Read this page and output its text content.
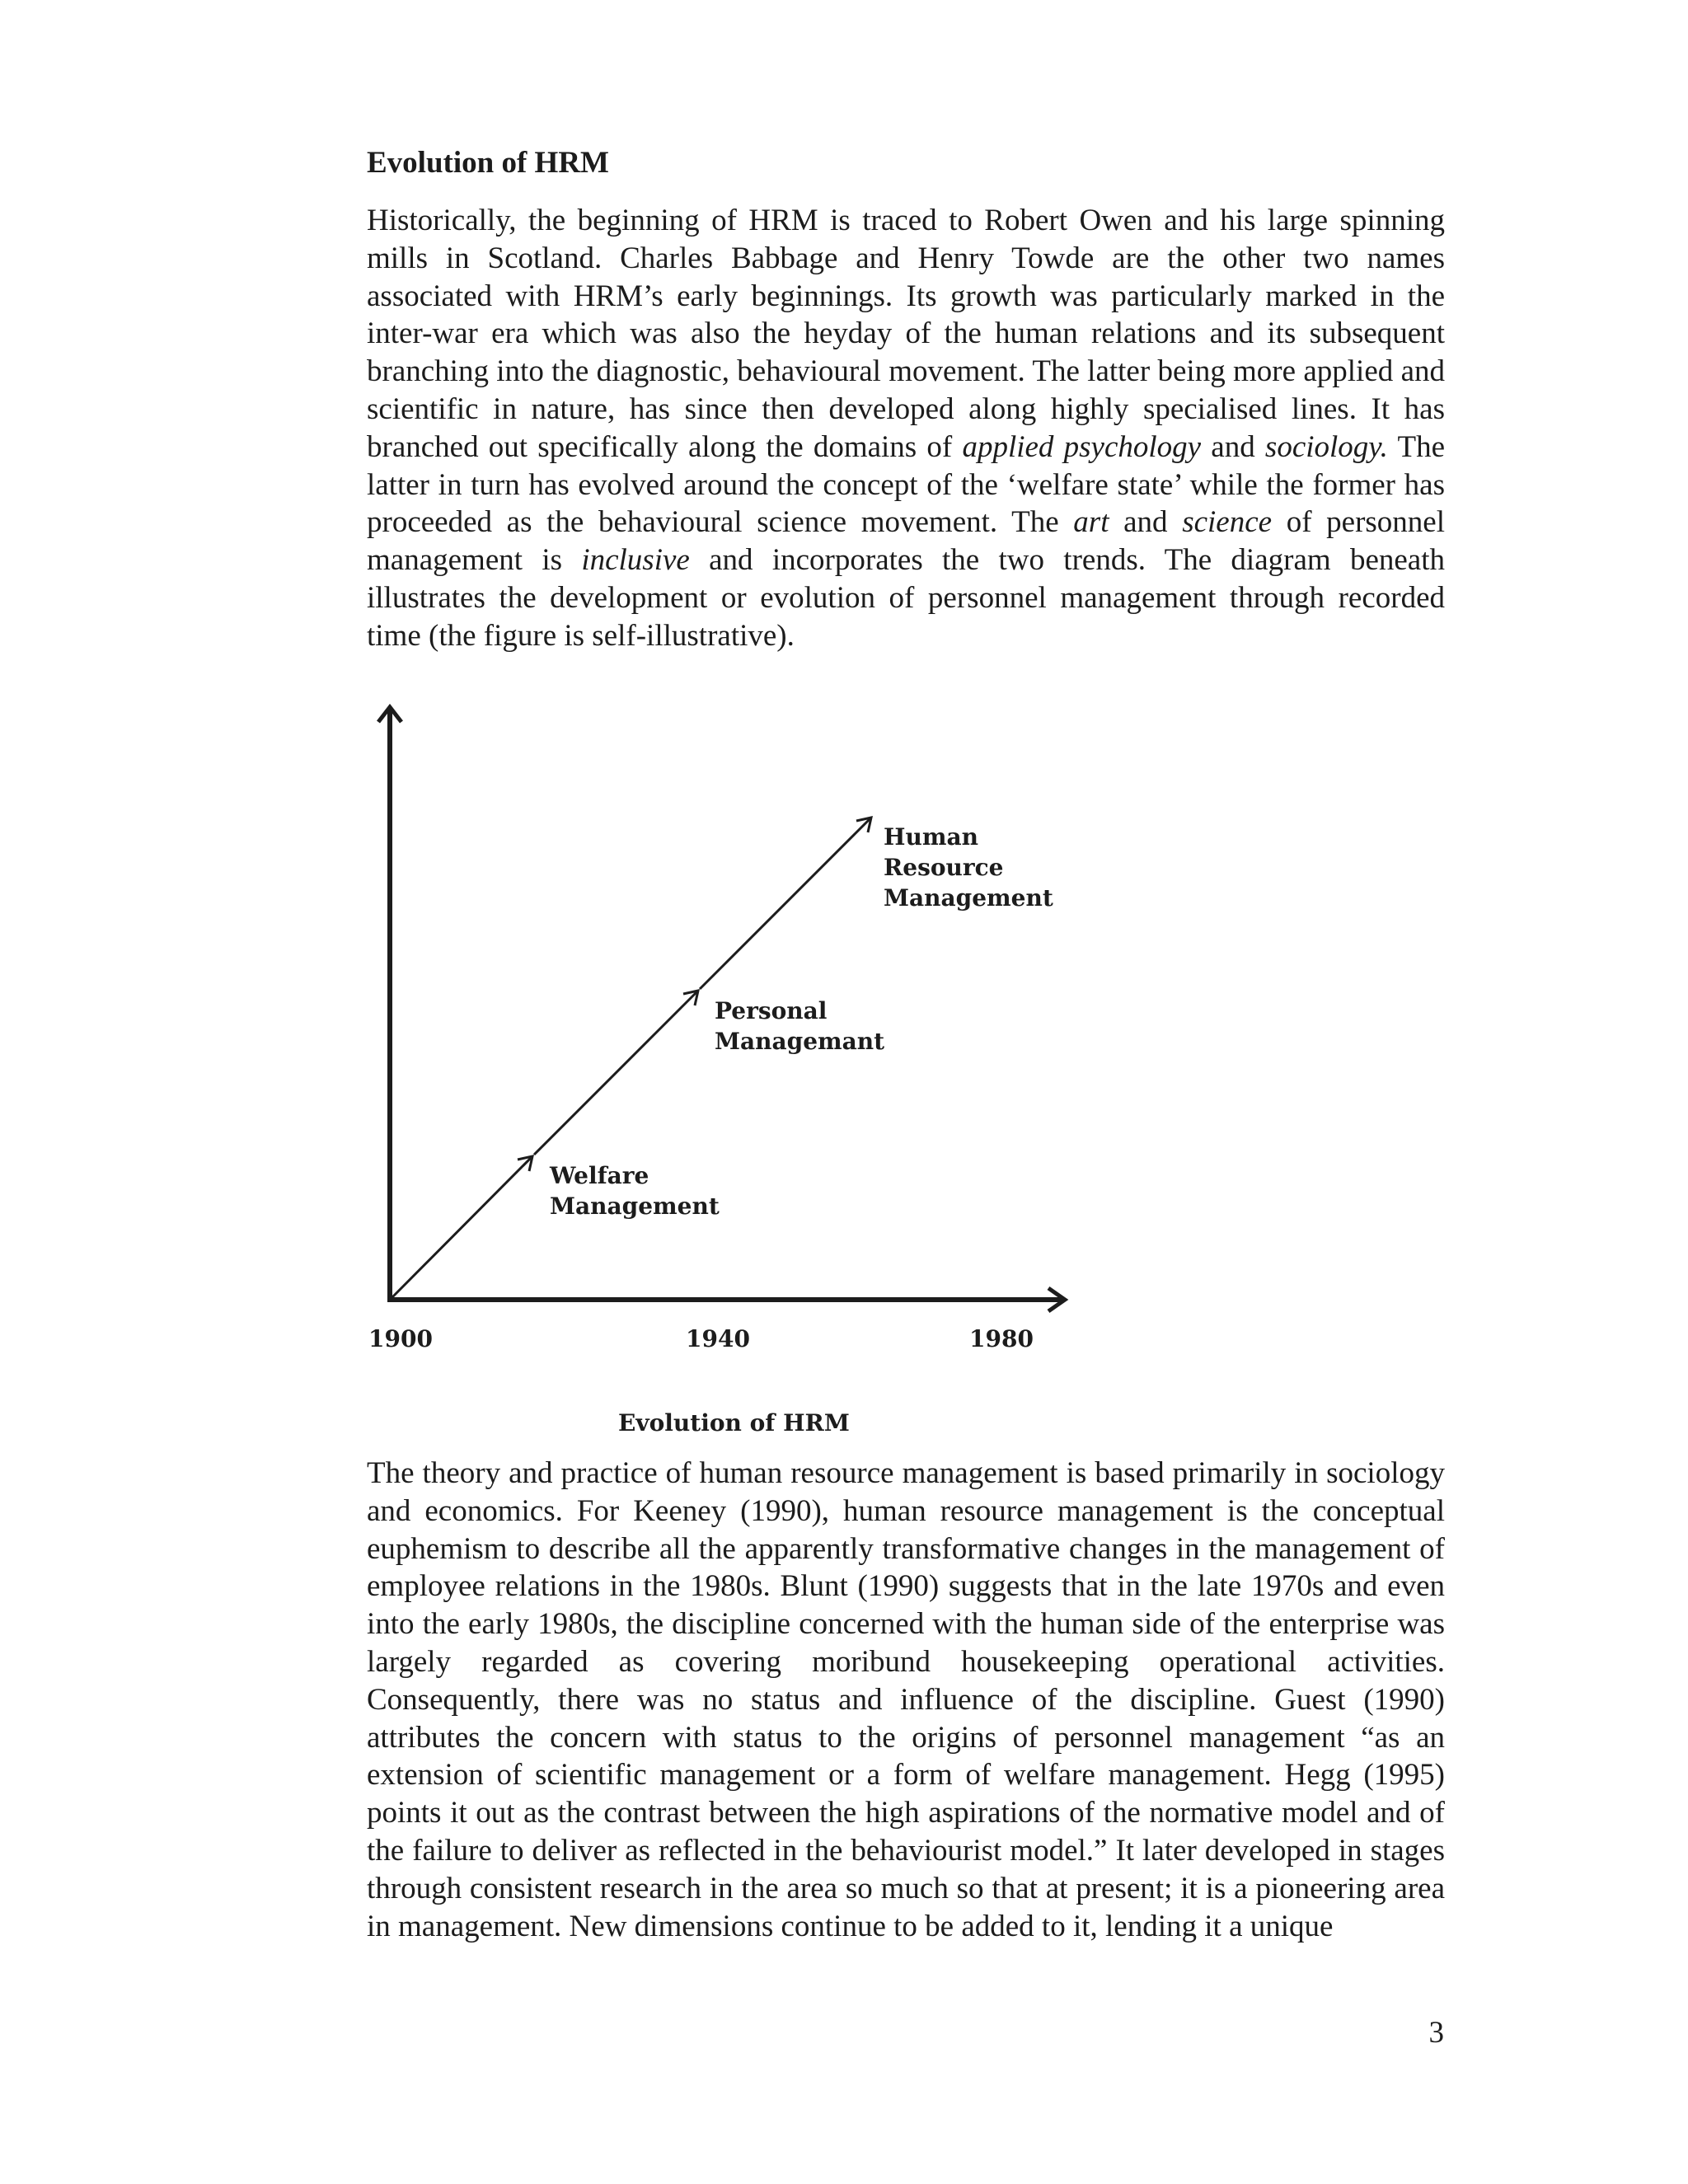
Evolution of HRM

Historically, the beginning of HRM is traced to Robert Owen and his large spinning mills in Scotland. Charles Babbage and Henry Towde are the other two names associated with HRM’s early beginnings. Its growth was particularly marked in the inter-war era which was also the heyday of the human relations and its subsequent branching into the diagnostic, behavioural movement. The latter being more applied and scientific in nature, has since then developed along highly specialised lines. It has branched out specifically along the domains of applied psychology and sociology. The latter in turn has evolved around the concept of the ‘welfare state’ while the former has proceeded as the behavioural science movement. The art and science of personnel management is inclusive and incorporates the two trends. The diagram beneath illustrates the development or evolution of personnel management through recorded time (the figure is self-illustrative).

Welfare
Management
Personal
Managemant
Human
Resource
Management
1900	1940	1980
Evolution of HRM

The theory and practice of human resource management is based primarily in sociology and economics. For Keeney (1990), human resource management is the conceptual euphemism to describe all the apparently transformative changes in the management of employee relations in the 1980s. Blunt (1990) suggests that in the late 1970s and even into the early 1980s, the discipline concerned with the human side of the enterprise was largely regarded as covering moribund housekeeping operational activities. Consequently, there was no status and influence of the discipline. Guest (1990) attributes the concern with status to the origins of personnel management “as an extension of scientific management or a form of welfare management. Hegg (1995) points it out as the contrast between the high aspirations of the normative model and of the failure to deliver as reflected in the behaviourist model.” It later developed in stages through consistent research in the area so much so that at present; it is a pioneering area in management. New dimensions continue to be added to it, lending it a unique

3
